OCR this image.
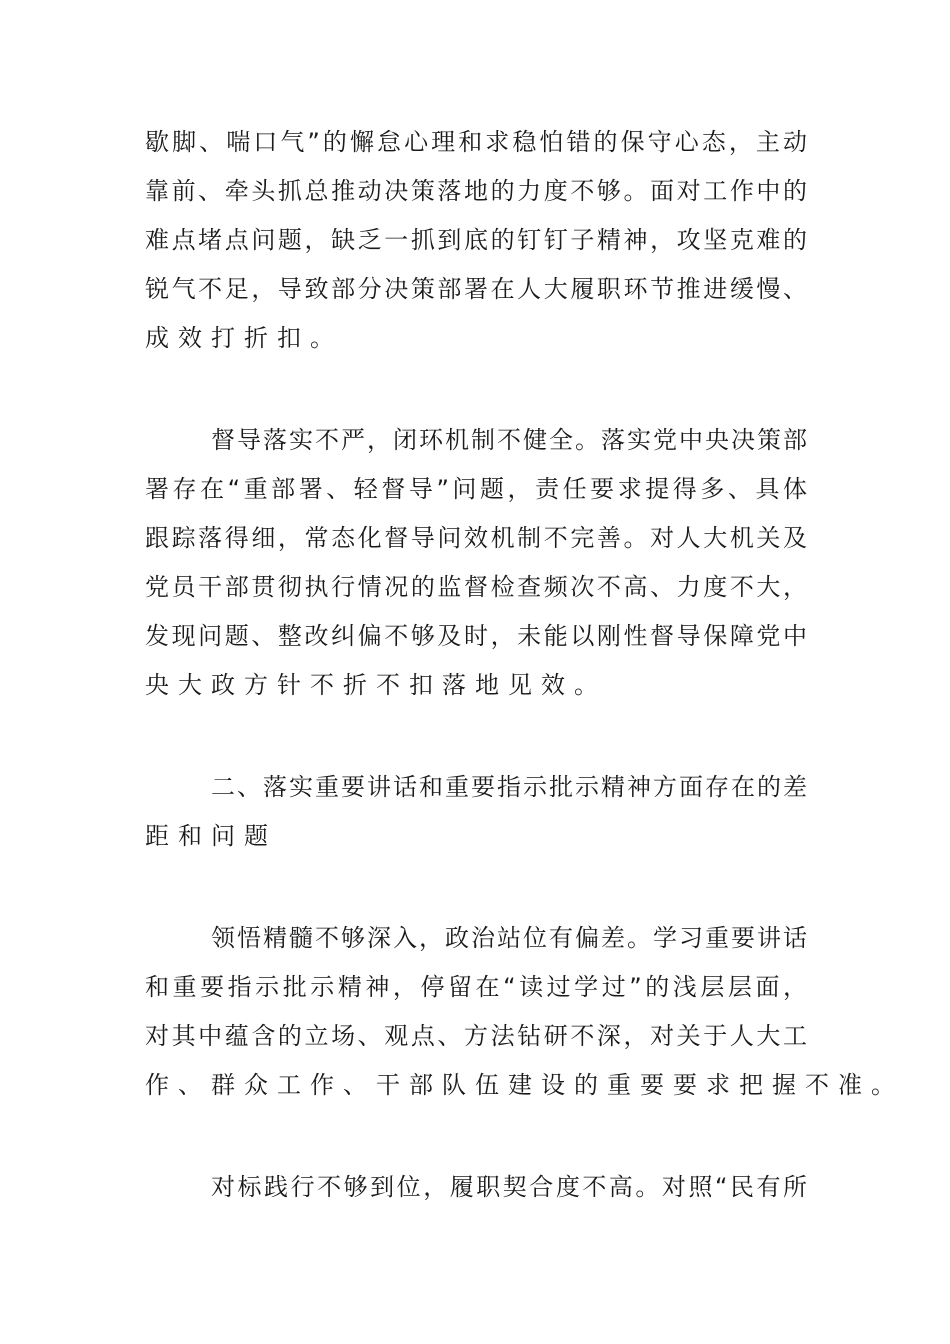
歇脚、喘口气”的懈怠心理和求稳怕错的保守心态，主动
靠前、牵头抓总推动决策落地的力度不够。面对工作中的
难点堵点问题，缺乏一抓到底的钉钉子精神，攻坚克难的
锐气不足，导致部分决策部署在人大履职环节推进缓慢、
成效打折扣。
督导落实不严，闭环机制不健全。落实党中央决策部
署存在“重部署、轻督导”问题，责任要求提得多、具体
跟踪落得细，常态化督导问效机制不完善。对人大机关及
党员干部贯彻执行情况的监督检查频次不高、力度不大，
发现问题、整改纠偏不够及时，未能以刚性督导保障党中
央大政方针不折不扣落地见效。
二、落实重要讲话和重要指示批示精神方面存在的差
距和问题
领悟精髓不够深入，政治站位有偏差。学习重要讲话
和重要指示批示精神，停留在“读过学过”的浅层层面，
对其中蕴含的立场、观点、方法钻研不深，对关于人大工
作、群众工作、干部队伍建设的重要要求把握不准。
对标践行不够到位，履职契合度不高。对照“民有所
